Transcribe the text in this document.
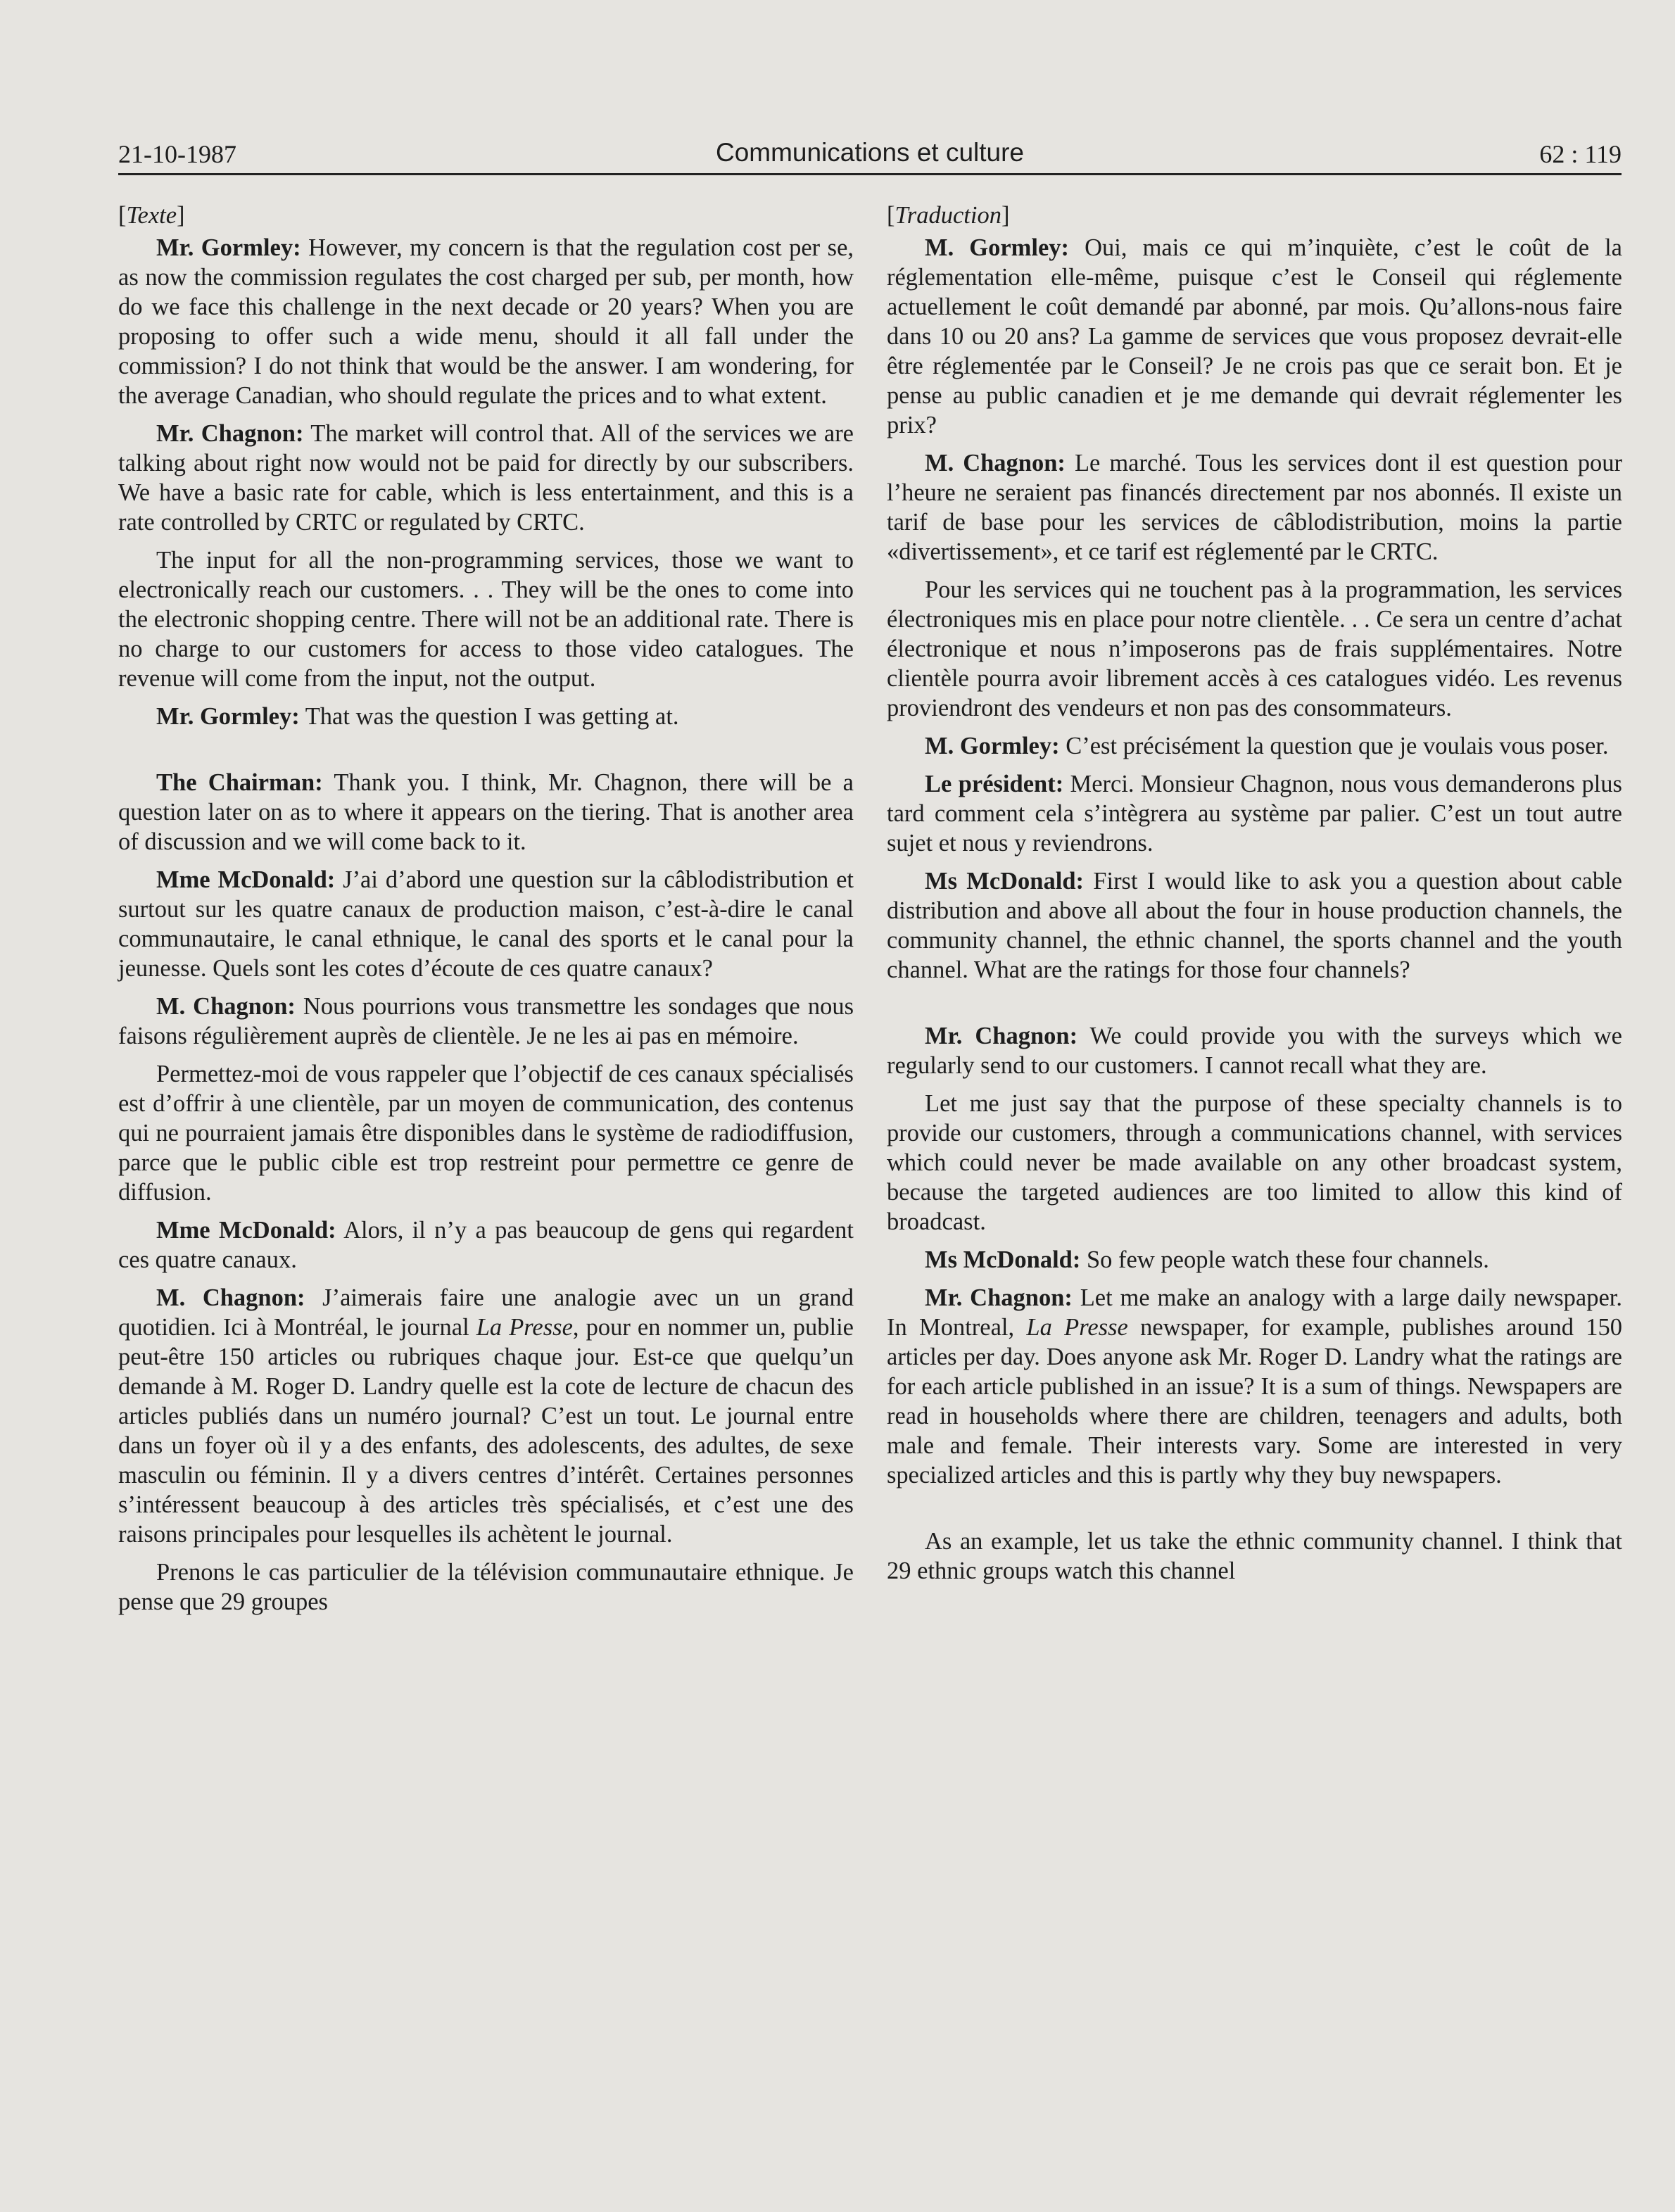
21-10-1987	Communications et culture	62 : 119
[Texte]

Mr. Gormley: However, my concern is that the regulation cost per se, as now the commission regulates the cost charged per sub, per month, how do we face this challenge in the next decade or 20 years? When you are proposing to offer such a wide menu, should it all fall under the commission? I do not think that would be the answer. I am wondering, for the average Canadian, who should regulate the prices and to what extent.

Mr. Chagnon: The market will control that. All of the services we are talking about right now would not be paid for directly by our subscribers. We have a basic rate for cable, which is less entertainment, and this is a rate controlled by CRTC or regulated by CRTC.

The input for all the non-programming services, those we want to electronically reach our customers. . . They will be the ones to come into the electronic shopping centre. There will not be an additional rate. There is no charge to our customers for access to those video catalogues. The revenue will come from the input, not the output.

Mr. Gormley: That was the question I was getting at.

The Chairman: Thank you. I think, Mr. Chagnon, there will be a question later on as to where it appears on the tiering. That is another area of discussion and we will come back to it.

Mme McDonald: J’ai d’abord une question sur la câblodistribution et surtout sur les quatre canaux de production maison, c’est-à-dire le canal communautaire, le canal ethnique, le canal des sports et le canal pour la jeunesse. Quels sont les cotes d’écoute de ces quatre canaux?

M. Chagnon: Nous pourrions vous transmettre les sondages que nous faisons régulièrement auprès de clientèle. Je ne les ai pas en mémoire.

Permettez-moi de vous rappeler que l’objectif de ces canaux spécialisés est d’offrir à une clientèle, par un moyen de communication, des contenus qui ne pourraient jamais être disponibles dans le système de radiodiffusion, parce que le public cible est trop restreint pour permettre ce genre de diffusion.

Mme McDonald: Alors, il n’y a pas beaucoup de gens qui regardent ces quatre canaux.

M. Chagnon: J’aimerais faire une analogie avec un un grand quotidien. Ici à Montréal, le journal La Presse, pour en nommer un, publie peut-être 150 articles ou rubriques chaque jour. Est-ce que quelqu’un demande à M. Roger D. Landry quelle est la cote de lecture de chacun des articles publiés dans un numéro journal? C’est un tout. Le journal entre dans un foyer où il y a des enfants, des adolescents, des adultes, de sexe masculin ou féminin. Il y a divers centres d’intérêt. Certaines personnes s’intéressent beaucoup à des articles très spécialisés, et c’est une des raisons principales pour lesquelles ils achètent le journal.

Prenons le cas particulier de la télévision communautaire ethnique. Je pense que 29 groupes

[Traduction]

M. Gormley: Oui, mais ce qui m’inquiète, c’est le coût de la réglementation elle-même, puisque c’est le Conseil qui réglemente actuellement le coût demandé par abonné, par mois. Qu’allons-nous faire dans 10 ou 20 ans? La gamme de services que vous proposez devrait-elle être réglementée par le Conseil? Je ne crois pas que ce serait bon. Et je pense au public canadien et je me demande qui devrait réglementer les prix?

M. Chagnon: Le marché. Tous les services dont il est question pour l’heure ne seraient pas financés directement par nos abonnés. Il existe un tarif de base pour les services de câblodistribution, moins la partie «divertissement», et ce tarif est réglementé par le CRTC.

Pour les services qui ne touchent pas à la programmation, les services électroniques mis en place pour notre clientèle. . . Ce sera un centre d’achat électronique et nous n’imposerons pas de frais supplémentaires. Notre clientèle pourra avoir librement accès à ces catalogues vidéo. Les revenus proviendront des vendeurs et non pas des consommateurs.

M. Gormley: C’est précisément la question que je voulais vous poser.

Le président: Merci. Monsieur Chagnon, nous vous demanderons plus tard comment cela s’intègrera au système par palier. C’est un tout autre sujet et nous y reviendrons.

Ms McDonald: First I would like to ask you a question about cable distribution and above all about the four in house production channels, the community channel, the ethnic channel, the sports channel and the youth channel. What are the ratings for those four channels?

Mr. Chagnon: We could provide you with the surveys which we regularly send to our customers. I cannot recall what they are.

Let me just say that the purpose of these specialty channels is to provide our customers, through a communications channel, with services which could never be made available on any other broadcast system, because the targeted audiences are too limited to allow this kind of broadcast.

Ms McDonald: So few people watch these four channels.

Mr. Chagnon: Let me make an analogy with a large daily newspaper. In Montreal, La Presse newspaper, for example, publishes around 150 articles per day. Does anyone ask Mr. Roger D. Landry what the ratings are for each article published in an issue? It is a sum of things. Newspapers are read in households where there are children, teenagers and adults, both male and female. Their interests vary. Some are interested in very specialized articles and this is partly why they buy newspapers.

As an example, let us take the ethnic community channel. I think that 29 ethnic groups watch this channel
